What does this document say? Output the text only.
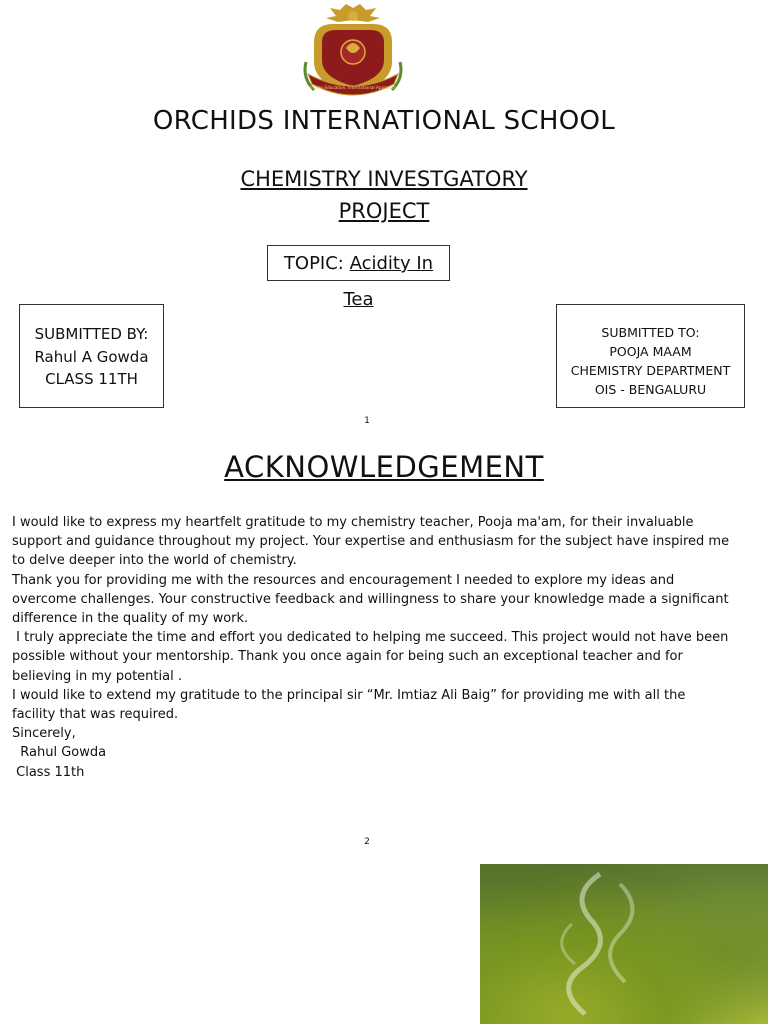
Indian Education, International Approach
ORCHIDS INTERNATIONAL SCHOOL
CHEMISTRY INVESTGATORY
PROJECT
TOPIC: Acidity In Tea
SUBMITTED BY:
Rahul A Gowda
CLASS 11TH
SUBMITTED TO:
POOJA MAAM
CHEMISTRY DEPARTMENT
OIS - BENGALURU
1
ACKNOWLEDGEMENT

I would like to express my heartfelt gratitude to my chemistry teacher, Pooja ma'am, for their invaluable support and guidance throughout my project. Your expertise and enthusiasm for the subject have inspired me to delve deeper into the world of chemistry.

Thank you for providing me with the resources and encouragement I needed to explore my ideas and overcome challenges. Your constructive feedback and willingness to share your knowledge made a significant difference in the quality of my work.

I truly appreciate the time and effort you dedicated to helping me succeed. This project would not have been possible without your mentorship. Thank you once again for being such an exceptional teacher and for believing in my potential .

I would like to extend my gratitude to the principal sir “Mr. Imtiaz Ali Baig” for providing me with all the facility that was required.

Sincerely,

Rahul Gowda

Class 11th

2
